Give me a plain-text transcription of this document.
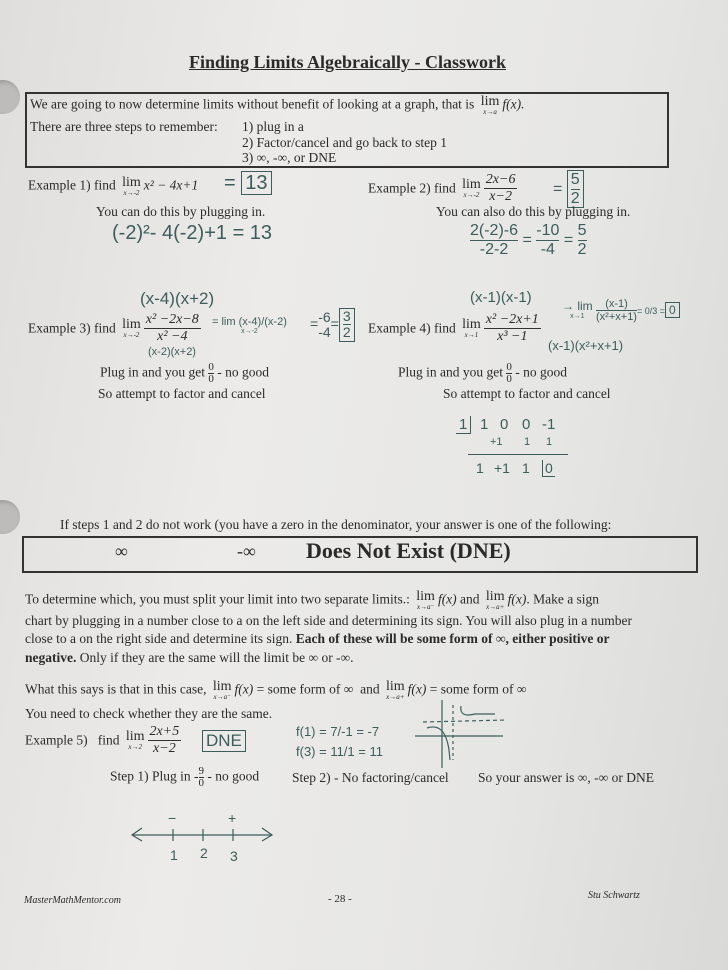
Finding Limits Algebraically - Classwork
We are going to now determine limits without benefit of looking at a graph, that is lim
x→a
f(x).
There are three steps to remember: 1) plug in a
2) Factor/cancel and go back to step 1
3) ∞, -∞, or DNE
Example 1) find lim
x→-2
x² − 4x+1 = 13
You can do this by plugging in.
(-2)²- 4(-2)+1 = 13
Example 2) find lim
$x\to-2 \frac{2x-6}{x-2} = \frac{5}{2}$
You can also do this by plugging in.
$\frac{2(-2)-6}{-2-2} = \frac{-10}{-4} = \frac{5}{2}$
(x-4)(x+2)
Example 3) find lim
$x\to-2 \frac{\text{x² −2x−8}}{\text{x² −4}}$
(x-2)(x+2)
= lim (x-4)/(x-2)
x→-2	= -6
-4
= $\frac{3}{2}$
Plug in and you get $\frac{0}{0}$ - no good
So attempt to factor and cancel
(x-1)(x-1)
Example 4) find lim
$x\to 1 \frac{\text{x² −2x+1}}{\text{x³ −1}}$
(x-1)(x²+x+1)
→ lim
x→1
	$\frac{(x-1)}{\text{(x²+x+1)}} = 0/3 = 0$
Plug in and you get $\frac{0}{0}$ - no good
So attempt to factor and cancel
1 1 0 0 -1
+1 1 1
1 +1 1 0
If steps 1 and 2 do not work (you have a zero in the denominator, your answer is one of the following:
∞	-∞ Does Not Exist (DNE)
To determine which, you must split your limit into two separate limits.: lim
x→a⁻
f(x) and lim
x→a+
f(x). Make a sign
chart by plugging in a number close to a on the left side and determining its sign. You will also plug in a number
close to a on the right side and determine its sign. Each of these will be some form of ∞, either positive or
negative. Only if they are the same will the limit be ∞ or -∞.
What this says is that in this case, lim
x→a⁻
f(x) = some form of ∞ and lim
x→a+
f(x) = some form of ∞
You need to check whether they are the same.
Example 5) find lim
$x\to 2 \frac{2x+5}{x-2}$ DNE	f(1) = 7/-1 = -7
f(3) = 11/1 = 11
Step 1) Plug in - $\frac{9}{0}$ - no good Step 2) - No factoring/cancel So your answer is ∞, -∞ or DNE
−	+
1 2 3
MasterMathMentor.com	- 28 -	Stu Schwartz
